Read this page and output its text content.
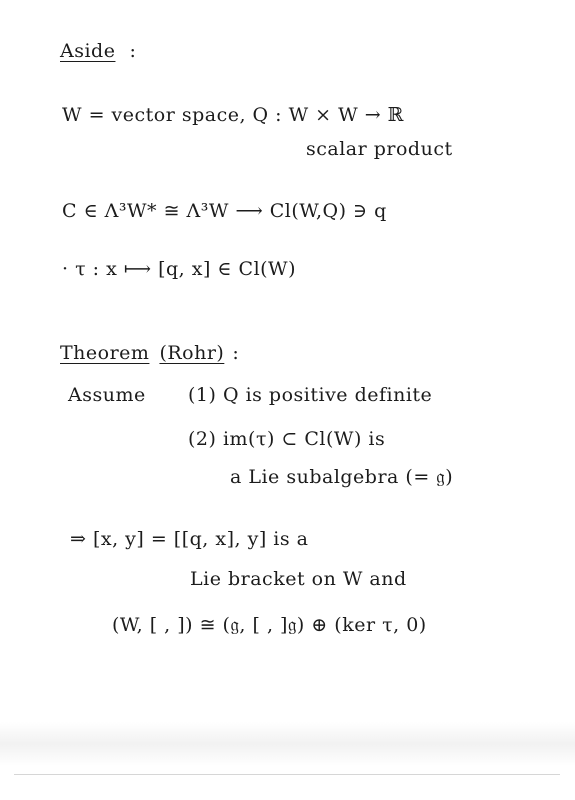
Aside :
W = vector space, Q : W × W → ℝ
scalar product
C ∈ Λ³W* ≅ Λ³W ⟶ Cl(W,Q) ∋ q
· τ : x ⟼ [q, x] ∈ Cl(W)
Theorem (Rohr) :
Assume (1) Q is positive definite
(2) im(τ) ⊂ Cl(W) is
a Lie subalgebra (= 𝔤)
⇒ [x, y] = [[q, x], y] is a
Lie bracket on W and
(W, [ , ]) ≅ (𝔤, [ , ]𝔤) ⊕ (ker τ, 0)
